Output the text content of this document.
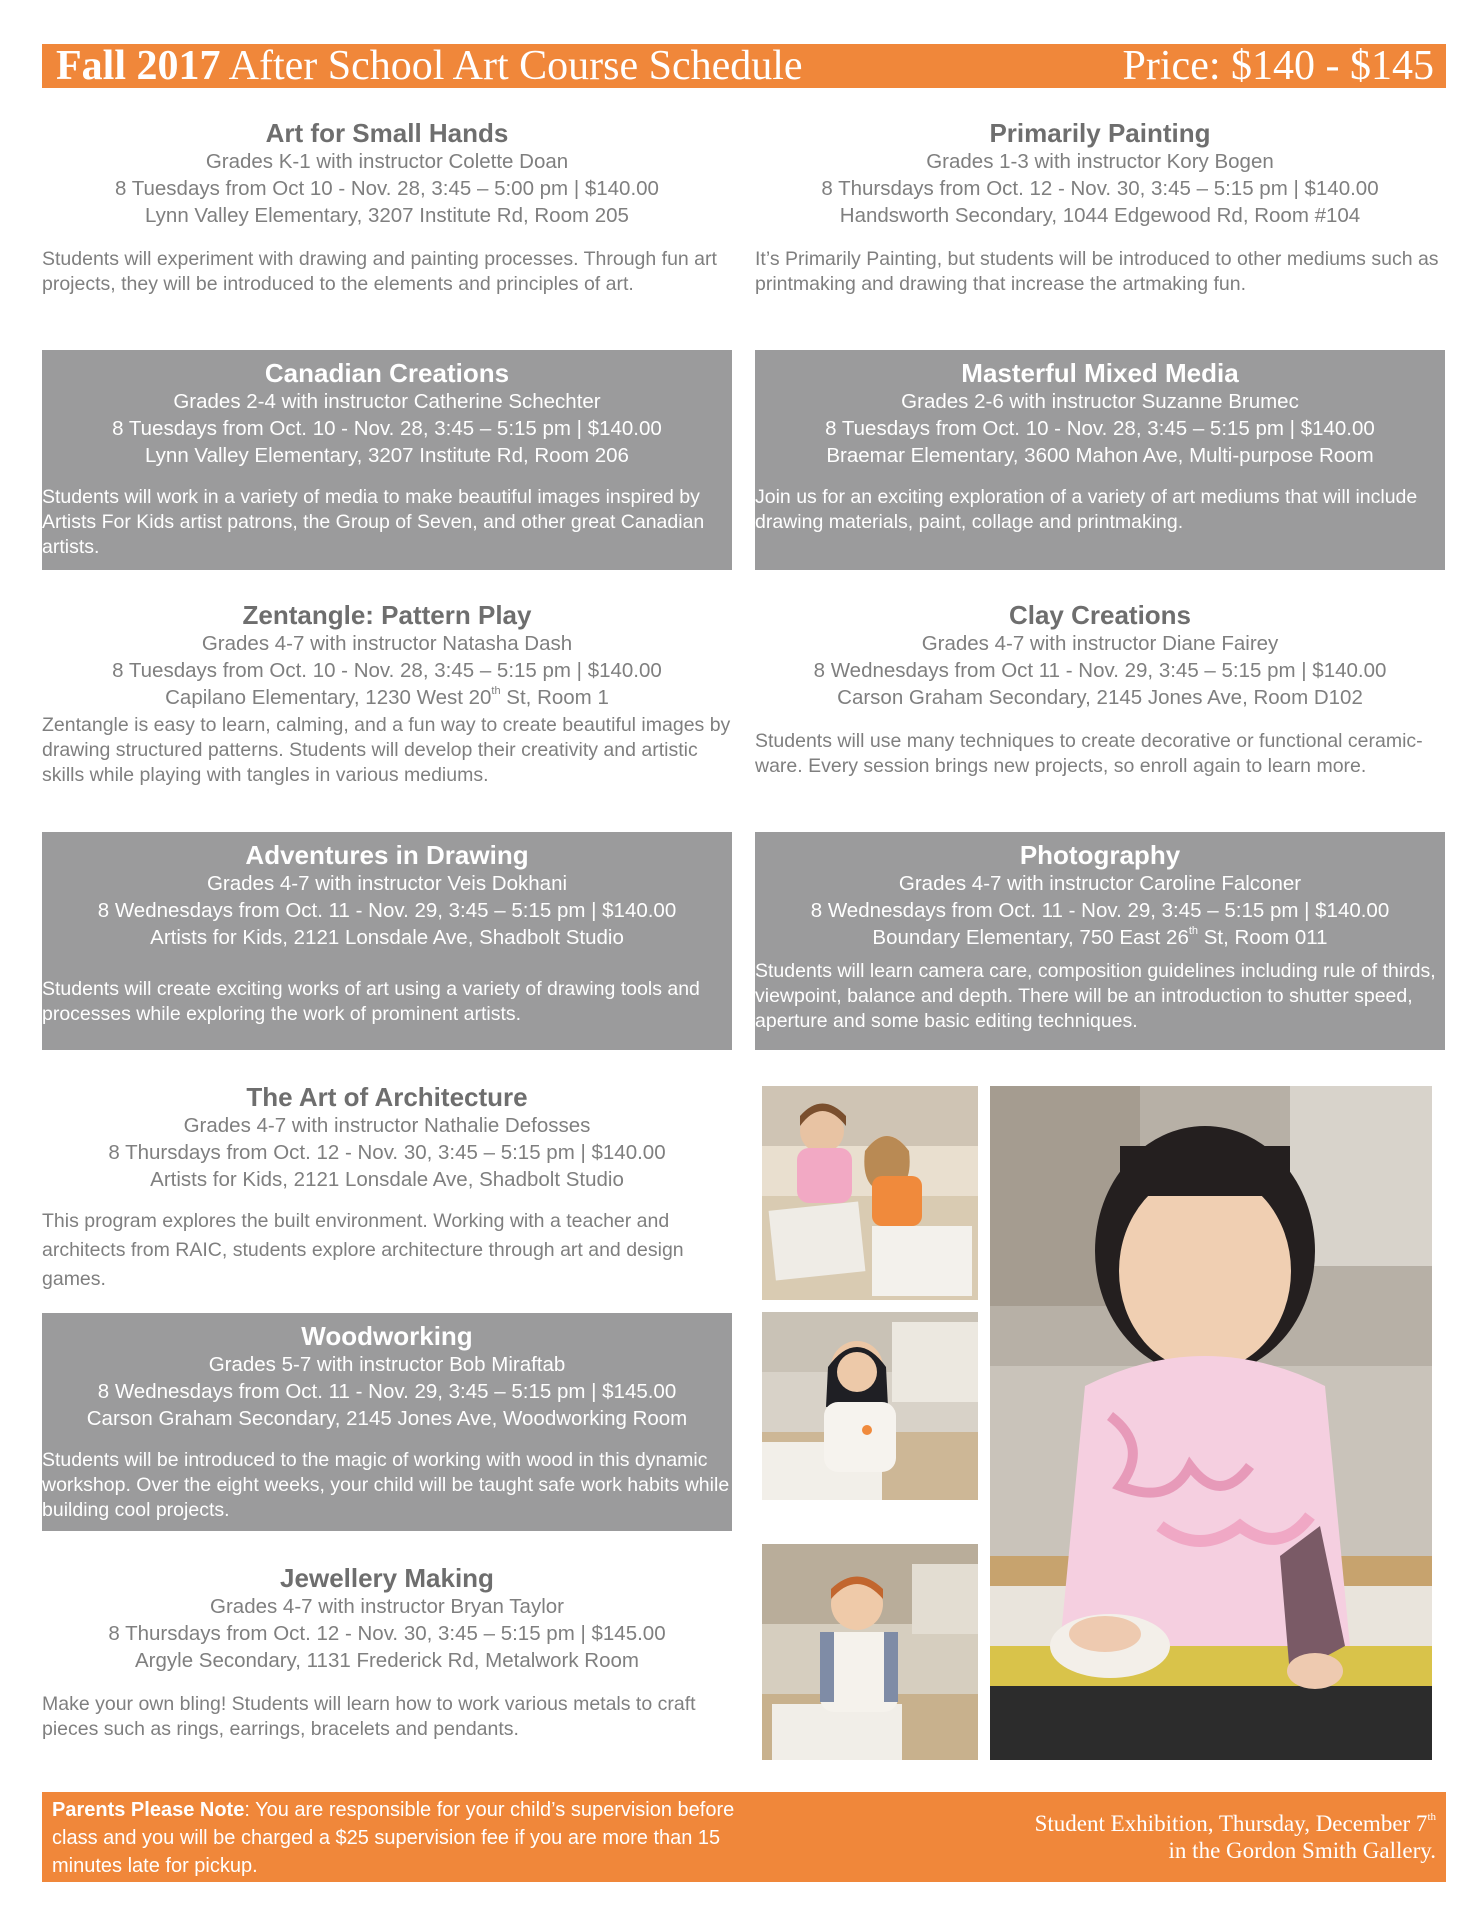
Fall 2017 After School Art Course Schedule	Price: $140 - $145
Art for Small Hands
Grades K-1 with instructor Colette Doan
8 Tuesdays from Oct 10 - Nov. 28, 3:45 – 5:00 pm | $140.00
Lynn Valley Elementary, 3207 Institute Rd, Room 205
Students will experiment with drawing and painting processes. Through fun art projects, they will be introduced to the elements and principles of art.
Primarily Painting
Grades 1-3 with instructor Kory Bogen
8 Thursdays from Oct. 12 - Nov. 30, 3:45 – 5:15 pm | $140.00
Handsworth Secondary, 1044 Edgewood Rd, Room #104
It’s Primarily Painting, but students will be introduced to other mediums such as printmaking and drawing that increase the artmaking fun.
Canadian Creations
Grades 2-4 with instructor Catherine Schechter
8 Tuesdays from Oct. 10 - Nov. 28, 3:45 – 5:15 pm | $140.00
Lynn Valley Elementary, 3207 Institute Rd, Room 206
Students will work in a variety of media to make beautiful images inspired by Artists For Kids artist patrons, the Group of Seven, and other great Canadian artists.
Masterful Mixed Media
Grades 2-6 with instructor Suzanne Brumec
8 Tuesdays from Oct. 10 - Nov. 28, 3:45 – 5:15 pm | $140.00
Braemar Elementary, 3600 Mahon Ave, Multi-purpose Room
Join us for an exciting exploration of a variety of art mediums that will include drawing materials, paint, collage and printmaking.
Zentangle: Pattern Play
Grades 4-7 with instructor Natasha Dash
8 Tuesdays from Oct. 10 - Nov. 28, 3:45 – 5:15 pm | $140.00
Capilano Elementary, 1230 West 20th St, Room 1
Zentangle is easy to learn, calming, and a fun way to create beautiful images by drawing structured patterns. Students will develop their creativity and artistic skills while playing with tangles in various mediums.
Clay Creations
Grades 4-7 with instructor Diane Fairey
8 Wednesdays from Oct 11 - Nov. 29, 3:45 – 5:15 pm | $140.00
Carson Graham Secondary, 2145 Jones Ave, Room D102
Students will use many techniques to create decorative or functional ceramic-ware. Every session brings new projects, so enroll again to learn more.
Adventures in Drawing
Grades 4-7 with instructor Veis Dokhani
8 Wednesdays from Oct. 11 - Nov. 29, 3:45 – 5:15 pm | $140.00
Artists for Kids, 2121 Lonsdale Ave, Shadbolt Studio
Students will create exciting works of art using a variety of drawing tools and processes while exploring the work of prominent artists.
Photography
Grades 4-7 with instructor Caroline Falconer
8 Wednesdays from Oct. 11 - Nov. 29, 3:45 – 5:15 pm | $140.00
Boundary Elementary, 750 East 26th St, Room 011
Students will learn camera care, composition guidelines including rule of thirds, viewpoint, balance and depth. There will be an introduction to shutter speed, aperture and some basic editing techniques.
The Art of Architecture
Grades 4-7 with instructor Nathalie Defosses
8 Thursdays from Oct. 12 - Nov. 30, 3:45 – 5:15 pm | $140.00
Artists for Kids, 2121 Lonsdale Ave, Shadbolt Studio
This program explores the built environment. Working with a teacher and architects from RAIC, students explore architecture through art and design games.
Woodworking
Grades 5-7 with instructor Bob Miraftab
8 Wednesdays from Oct. 11 - Nov. 29, 3:45 – 5:15 pm | $145.00
Carson Graham Secondary, 2145 Jones Ave, Woodworking Room
Students will be introduced to the magic of working with wood in this dynamic workshop. Over the eight weeks, your child will be taught safe work habits while building cool projects.
Jewellery Making
Grades 4-7 with instructor Bryan Taylor
8 Thursdays from Oct. 12 - Nov. 30, 3:45 – 5:15 pm | $145.00
Argyle Secondary, 1131 Frederick Rd, Metalwork Room
Make your own bling! Students will learn how to work various metals to craft pieces such as rings, earrings, bracelets and pendants.
Parents Please Note: You are responsible for your child’s supervision before class and you will be charged a $25 supervision fee if you are more than 15 minutes late for pickup.
Student Exhibition, Thursday, December 7th
in the Gordon Smith Gallery.
